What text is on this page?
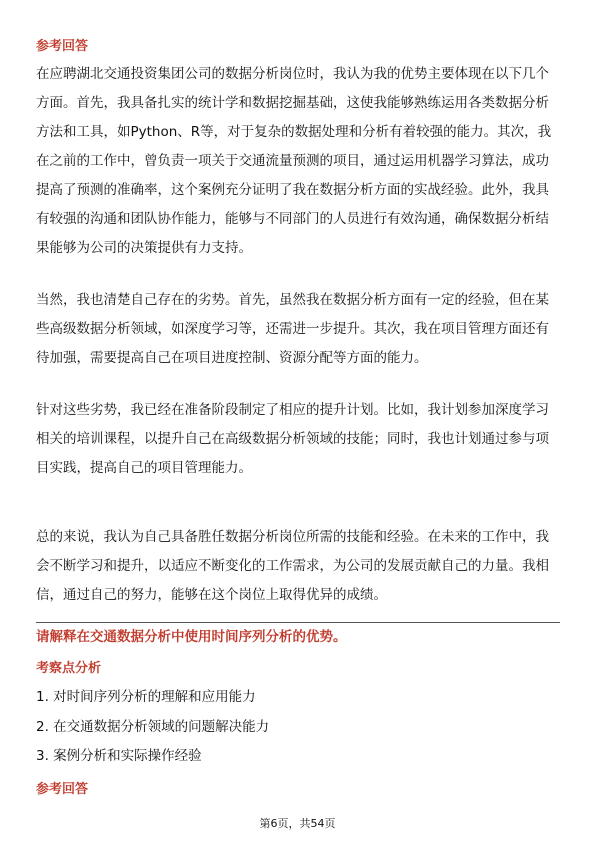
参考回答

在应聘湖北交通投资集团公司的数据分析岗位时，我认为我的优势主要体现在以下几个方面。首先，我具备扎实的统计学和数据挖掘基础，这使我能够熟练运用各类数据分析方法和工具，如Python、R等，对于复杂的数据处理和分析有着较强的能力。其次，我在之前的工作中，曾负责一项关于交通流量预测的项目，通过运用机器学习算法，成功提高了预测的准确率，这个案例充分证明了我在数据分析方面的实战经验。此外，我具有较强的沟通和团队协作能力，能够与不同部门的人员进行有效沟通，确保数据分析结果能够为公司的决策提供有力支持。

当然，我也清楚自己存在的劣势。首先，虽然我在数据分析方面有一定的经验，但在某些高级数据分析领域，如深度学习等，还需进一步提升。其次，我在项目管理方面还有待加强，需要提高自己在项目进度控制、资源分配等方面的能力。

针对这些劣势，我已经在准备阶段制定了相应的提升计划。比如，我计划参加深度学习相关的培训课程，以提升自己在高级数据分析领域的技能；同时，我也计划通过参与项目实践，提高自己的项目管理能力。

总的来说，我认为自己具备胜任数据分析岗位所需的技能和经验。在未来的工作中，我会不断学习和提升，以适应不断变化的工作需求，为公司的发展贡献自己的力量。我相信，通过自己的努力，能够在这个岗位上取得优异的成绩。

请解释在交通数据分析中使用时间序列分析的优势。
考察点分析
1. 对时间序列分析的理解和应用能力
2. 在交通数据分析领域的问题解决能力
3. 案例分析和实际操作经验
参考回答
第6页，共54页
